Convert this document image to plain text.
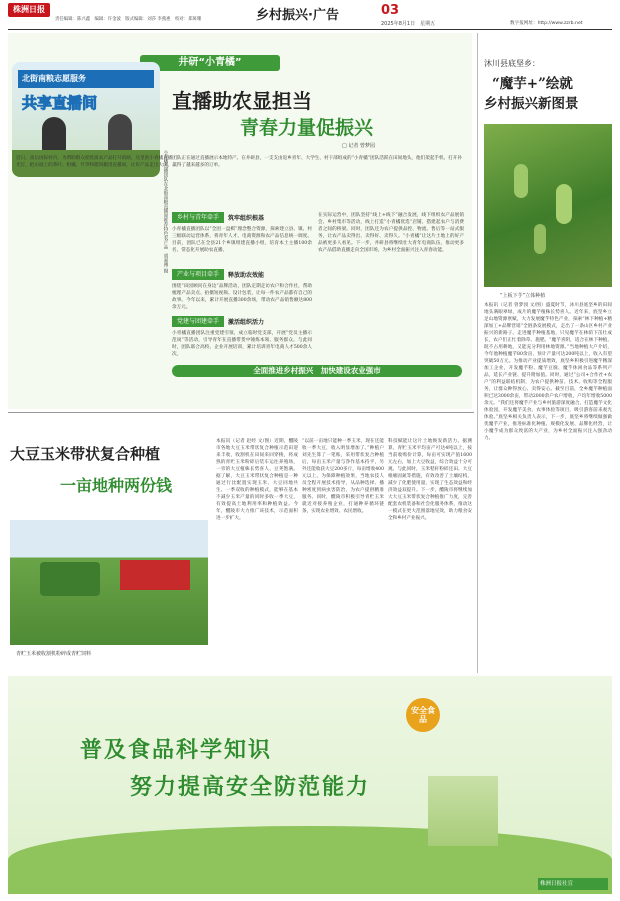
株洲日报
责任编辑：陈兴鑫　编辑：许金波　版式编辑：刘莎 李燕惠　校对：郑斑珊	乡村振兴·广告	03
2025年8月1日　星期五	数字报网址：http://www.zzrb.net
井研“小青橘”
北街南粮志愿服务
共享直播间
小青橘直播团队在北街南粮直播间推荐特色农产品　胡嘉博 摄
直播助农显担当
青春力量促振兴
□ 记者 曾梦园
近日，南岳国际村内，为帮助群众把优质农产品打开销路，这里的小青橘直播团队正在通过直播展示本地特产。在井研县，一支支由返乡青年、大学生、村干部组成的“小青橘”团队活跃在田间地头，他们架起手机、打开补光灯，把山坡上的茶叶、柑橘、竹笋和腊肉搬进直播间，让好产品走出大山，赢得了越来越多的订单。
乡村与青年牵手	筑牢组织根基
小青橘直播团队以“全团一盘棋”理念整合资源，探索建立县、镇、村三级联动运营体系，将青年人才、电商资源和农产品信息统一调度。目前，团队已在全县21个乡镇组建直播小组，培育本土主播100余名，常态化开展助农直播。
产业与项目牵手	释放助农效能
围绕“田园顾问在身边”品牌活动，团队定期走访农户和合作社，帮助梳理产品卖点、拍摄短视频、设计包装，让每一件农产品都有自己的故事。今年以来，累计开展直播300余场，带动农产品销售额达800余万元。
党建与团建牵手	激活组织活力
小青橘直播团队注重党建引领，成立临时党支部，开展“党员主播示范岗”等活动，引导青年在直播带货中锤炼本领、服务群众。与此同时，团队联合高校、企业开展培训，累计培训青年电商人才500余人次。
在实际运营中，团队坚持“线上+线下”融合发展，线下组织农产品展销会、乡村集市等活动，线上打造“小青橘优选”店铺，搭建起农户与消费者之间的桥梁。同时，团队还为农户提供品控、物流、售后等一站式服务，让农产品卖得出、卖得好、卖得久。“小青橘”让这片土地上的好产品被更多人看见。下一步，井研县将继续壮大青年电商队伍，推动更多农产品借助直播走向全国市场，为乡村全面振兴注入青春动能。
全面推进乡村振兴　加快建设农业强市
沐川县底坚乡：
“魔芋+”绘就
乡村振兴新图景
“上板下芋”立体种植
本报讯（记者 曾梦园 文/图）盛夏时节，沐川县底坚乡的田间地头满眼翠绿，成片的魔芋植株长势喜人。近年来，底坚乡立足山地资源禀赋，大力发展魔芋特色产业，探索“林下种植+精深加工+品牌营销”全链条发展模式，走出了一条山区乡村产业振兴的新路子。走进魔芋种植基地，只见魔芋在林荫下茁壮成长，农户们正忙着除草、施肥。“魔芋喜阴，适合在林下种植，既不占用耕地，又能充分利用林地资源。”当地种植大户介绍，今年他种植魔芋80余亩，预计产量可达200吨以上，收入有望突破50万元。为推动产业提质增效，底坚乡积极引进魔芋精深加工企业，开发魔芋粉、魔芋豆腐、魔芋休闲食品等系列产品，延长产业链、提升附加值。同时，通过“公司+合作社+农户”的利益联结机制，为农户提供种苗、技术、收购等全程服务，让群众种得放心、卖得安心。截至目前，全乡魔芋种植面积已达3000余亩，带动2000余户农户增收，户均年增收5000余元。“我们还将魔芋产业与乡村旅游深度融合，打造魔芋文化体验园，开发魔芋美食、农事体验等项目，吸引游客前来观光体验。”底坚乡相关负责人表示，下一步，底坚乡将继续做强做优魔芋产业，推进标准化种植、规模化发展、品牌化经营，让小魔芋成为群众致富的大产业，为乡村全面振兴注入强劲动力。
大豆玉米带状复合种植
一亩地种两份钱
青贮玉米被收割机粉碎成青贮饲料
本报讯（记者 赵经 文/图）近期，醴陵市各地大豆玉米带状复合种植示范田迎来丰收，收割机在田间来回穿梭，将成熟的青贮玉米粉碎后装车运往养殖场，一旁的大豆植株长势喜人、豆荚饱满。据了解，大豆玉米带状复合种植是一种通过行比配置实现玉米、大豆同地共生、一季双收的种植模式，能够在基本不减少玉米产量的同时多收一季大豆，有效提高土地利用率和种植效益。今年，醴陵市大力推广该技术，示范面积进一步扩大。
“以前一亩地只能种一季玉米，现在还能收一季大豆，收入明显增加了。”种植户刘先生算了一笔账，采用带状复合种植后，每亩玉米产量与净作基本持平，另外还能收获大豆200多斤，每亩增收400元以上。为保障种植效果，当地农技人员全程开展技术指导，从品种选择、播种密度到病虫害防治，为农户提供精准服务。同时，醴陵市积极引导青贮玉米就近对接养殖企业，打通种养循环链条，实现农业增效、农民增收。
科技赋能让这片土地焕发新活力。据测算，青贮玉米平均亩产可达4吨以上，按当前收购价计算，每亩可实现产值1600元左右，加上大豆收益，综合效益十分可观。与此同时，玉米秸秆粉碎还田、大豆根瘤固氮等措施，有效改善了土壤结构，减少了化肥使用量，实现了生态效益和经济效益双提升。下一步，醴陵市将继续加大大豆玉米带状复合种植推广力度，完善配套农机装备和社会化服务体系，推动这一模式在更大范围落地见效，助力粮食安全和乡村产业振兴。
普及食品科学知识
努力提高安全防范能力
安全食品
株洲日报社宣
